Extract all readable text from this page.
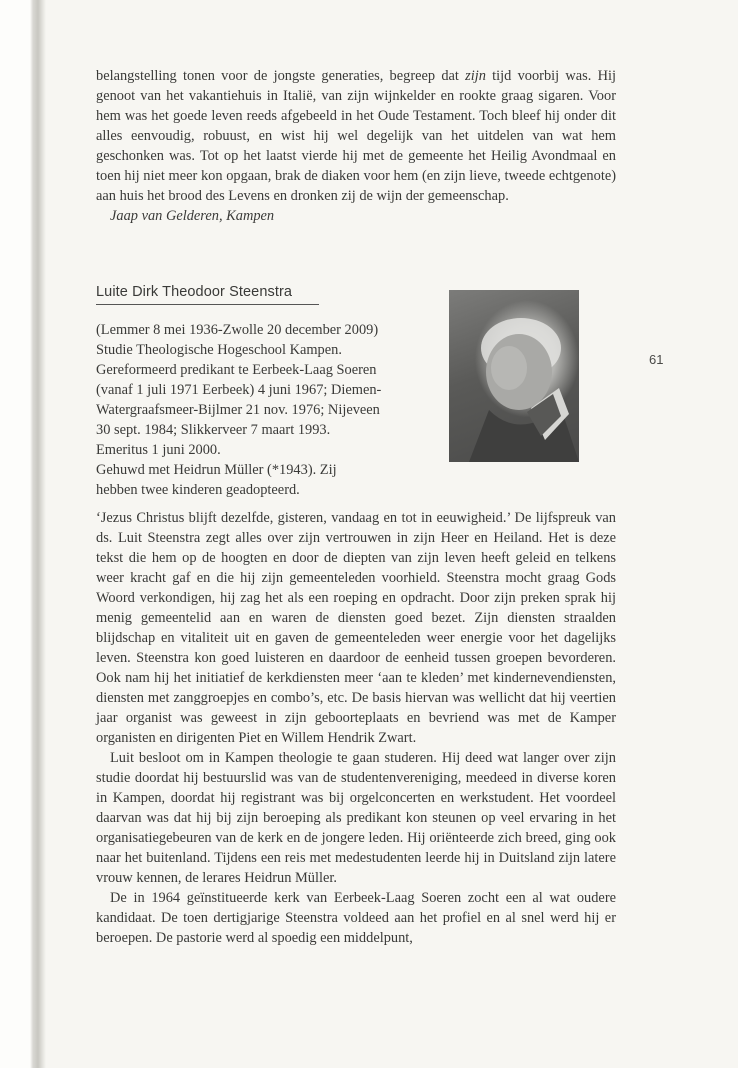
belangstelling tonen voor de jongste generaties, begreep dat zijn tijd voorbij was. Hij genoot van het vakantiehuis in Italië, van zijn wijnkelder en rookte graag sigaren. Voor hem was het goede leven reeds afgebeeld in het Oude Testament. Toch bleef hij onder dit alles eenvoudig, robuust, en wist hij wel degelijk van het uitdelen van wat hem geschonken was. Tot op het laatst vierde hij met de gemeente het Heilig Avondmaal en toen hij niet meer kon opgaan, brak de diaken voor hem (en zijn lieve, tweede echtgenote) aan huis het brood des Levens en dronken zij de wijn der gemeenschap.

Jaap van Gelderen, Kampen

Luite Dirk Theodoor Steenstra

(Lemmer 8 mei 1936-Zwolle 20 december 2009)

Studie Theologische Hogeschool Kampen.

Gereformeerd predikant te Eerbeek-Laag Soeren

(vanaf 1 juli 1971 Eerbeek) 4 juni 1967; Diemen-

Watergraafsmeer-Bijlmer 21 nov. 1976; Nijeveen

30 sept. 1984; Slikkerveer 7 maart 1993.

Emeritus 1 juni 2000.

Gehuwd met Heidrun Müller (*1943). Zij

hebben twee kinderen geadopteerd.

61

‘Jezus Christus blijft dezelfde, gisteren, vandaag en tot in eeuwigheid.’ De lijfspreuk van ds. Luit Steenstra zegt alles over zijn vertrouwen in zijn Heer en Heiland. Het is deze tekst die hem op de hoogten en door de diepten van zijn leven heeft geleid en telkens weer kracht gaf en die hij zijn gemeenteleden voorhield. Steenstra mocht graag Gods Woord verkondigen, hij zag het als een roeping en opdracht. Door zijn preken sprak hij menig gemeentelid aan en waren de diensten goed bezet. Zijn diensten straalden blijdschap en vitaliteit uit en gaven de gemeenteleden weer energie voor het dagelijks leven. Steenstra kon goed luisteren en daardoor de eenheid tussen groepen bevorderen. Ook nam hij het initiatief de kerkdiensten meer ‘aan te kleden’ met kindernevendiensten, diensten met zanggroepjes en combo’s, etc. De basis hiervan was wellicht dat hij veertien jaar organist was geweest in zijn geboorteplaats en bevriend was met de Kamper organisten en dirigenten Piet en Willem Hendrik Zwart.

Luit besloot om in Kampen theologie te gaan studeren. Hij deed wat langer over zijn studie doordat hij bestuurslid was van de studentenvereniging, meedeed in diverse koren in Kampen, doordat hij registrant was bij orgelconcerten en werkstudent. Het voordeel daarvan was dat hij bij zijn beroeping als predikant kon steunen op veel ervaring in het organisatiegebeuren van de kerk en de jongere leden. Hij oriënteerde zich breed, ging ook naar het buitenland. Tijdens een reis met medestudenten leerde hij in Duitsland zijn latere vrouw kennen, de lerares Heidrun Müller.

De in 1964 geïnstitueerde kerk van Eerbeek-Laag Soeren zocht een al wat oudere kandidaat. De toen dertigjarige Steenstra voldeed aan het profiel en al snel werd hij er beroepen. De pastorie werd al spoedig een middelpunt,
